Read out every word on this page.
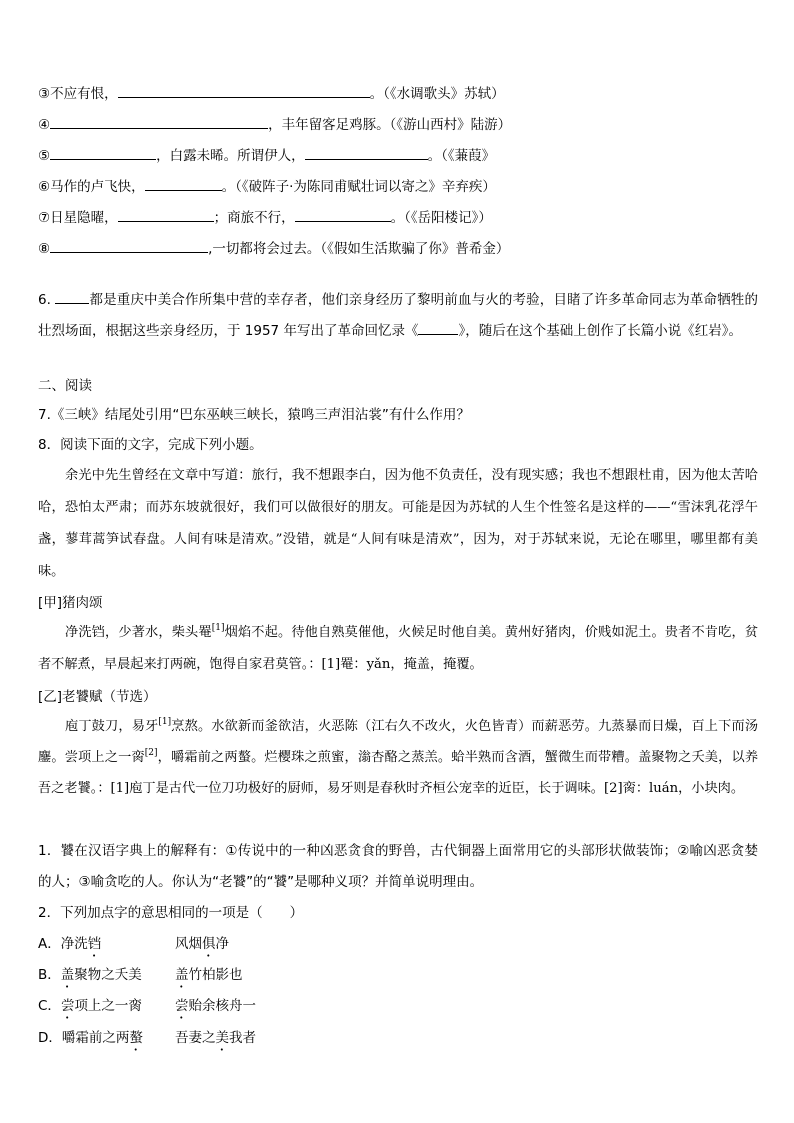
③不应有恨，	。（《水调歌头》苏轼）
④	，丰年留客足鸡豚。（《游山西村》陆游）
⑤	，白露未晞。所谓伊人，	。（《蒹葭》
⑥马作的卢飞快，	。（《破阵子·为陈同甫赋壮词以寄之》辛弃疾）
⑦日星隐曜，	；商旅不行，	。（《岳阳楼记》）
⑧	,一切都将会过去。（《假如生活欺骗了你》普希金）
6.	都是重庆中美合作所集中营的幸存者，他们亲身经历了黎明前血与火的考验，目睹了许多革命同志为革命牺牲的壮烈场面，根据这些亲身经历，于 1957 年写出了革命回忆录《	》，随后在这个基础上创作了长篇小说《红岩》。
二、阅读
7.《三峡》结尾处引用“巴东巫峡三峡长，猿鸣三声泪沾裳”有什么作用？
8．阅读下面的文字，完成下列小题。
余光中先生曾经在文章中写道：旅行，我不想跟李白，因为他不负责任，没有现实感；我也不想跟杜甫，因为他太苦哈哈，恐怕太严肃；而苏东坡就很好，我们可以做很好的朋友。可能是因为苏轼的人生个性签名是这样的——“雪沫乳花浮午盏，蓼茸蒿笋试春盘。人间有味是清欢。”没错，就是“人间有味是清欢”，因为，对于苏轼来说，无论在哪里，哪里都有美味。
[甲]猪肉颂
净洗铛，少著水，柴头罨[1]烟焰不起。待他自熟莫催他，火候足时他自美。黄州好猪肉，价贱如泥土。贵者不肯吃，贫者不解煮，早晨起来打两碗，饱得自家君莫管。：[1]罨：yǎn，掩盖，掩覆。
[乙]老饕赋（节选）
庖丁鼓刀，易牙[1]烹熬。水欲新而釜欲洁，火恶陈（江右久不改火，火色皆青）而薪恶劳。九蒸暴而日燥，百上下而汤鏖。尝项上之一脔[2]，嚼霜前之两螯。烂樱珠之煎蜜，滃杏酪之蒸羔。蛤半熟而含酒，蟹微生而带糟。盖聚物之夭美，以养吾之老饕。：[1]庖丁是古代一位刀功极好的厨师，易牙则是春秋时齐桓公宠幸的近臣，长于调味。[2]脔：luán，小块肉。
1．饕在汉语字典上的解释有：①传说中的一种凶恶贪食的野兽，古代铜器上面常用它的头部形状做装饰；②喻凶恶贪婪的人；③喻贪吃的人。你认为“老饕”的“饕”是哪种义项？并简单说明理由。
2．下列加点字的意思相同的一项是（　　）
A．净洗铛	风烟俱净
B．盖聚物之夭美 盖竹柏影也
C．尝项上之一脔 尝贻余核舟一
D．嚼霜前之两螯 吾妻之美我者
